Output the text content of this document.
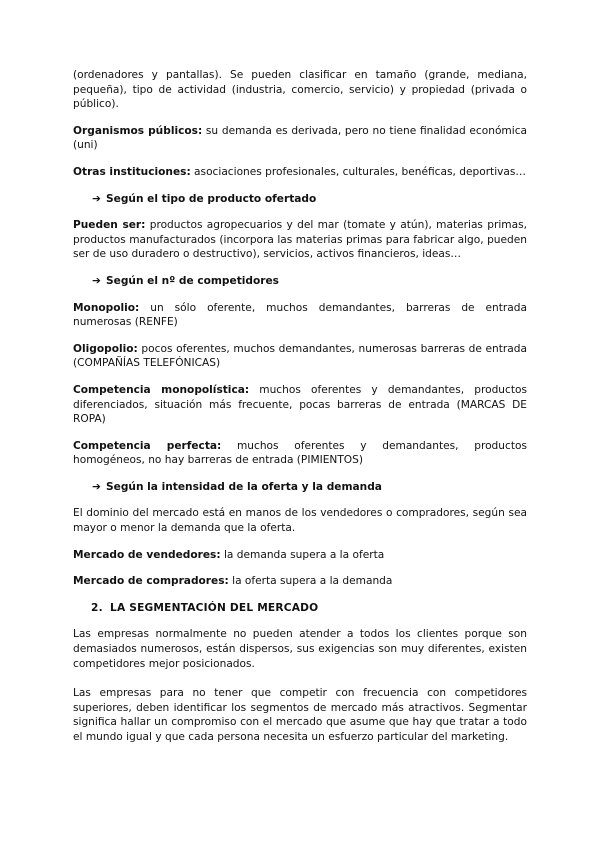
(ordenadores y pantallas). Se pueden clasificar en tamaño (grande, mediana, pequeña), tipo de actividad (industria, comercio, servicio) y propiedad (privada o público).

Organismos públicos: su demanda es derivada, pero no tiene finalidad económica (uni)

Otras instituciones: asociaciones profesionales, culturales, benéficas, deportivas…

➔ Según el tipo de producto ofertado

Pueden ser: productos agropecuarios y del mar (tomate y atún), materias primas, productos manufacturados (incorpora las materias primas para fabricar algo, pueden ser de uso duradero o destructivo), servicios, activos financieros, ideas…

➔ Según el nº de competidores

Monopolio: un sólo oferente, muchos demandantes, barreras de entrada numerosas (RENFE)

Oligopolio: pocos oferentes, muchos demandantes, numerosas barreras de entrada (COMPAÑÍAS TELEFÓNICAS)

Competencia monopolística: muchos oferentes y demandantes, productos diferenciados, situación más frecuente, pocas barreras de entrada (MARCAS DE ROPA)

Competencia perfecta: muchos oferentes y demandantes, productos homogéneos, no hay barreras de entrada (PIMIENTOS)

➔ Según la intensidad de la oferta y la demanda

El dominio del mercado está en manos de los vendedores o compradores, según sea mayor o menor la demanda que la oferta.

Mercado de vendedores: la demanda supera a la oferta

Mercado de compradores: la oferta supera a la demanda

2. LA SEGMENTACIÓN DEL MERCADO

Las empresas normalmente no pueden atender a todos los clientes porque son demasiados numerosos, están dispersos, sus exigencias son muy diferentes, existen competidores mejor posicionados.

Las empresas para no tener que competir con frecuencia con competidores superiores, deben identificar los segmentos de mercado más atractivos. Segmentar significa hallar un compromiso con el mercado que asume que hay que tratar a todo el mundo igual y que cada persona necesita un esfuerzo particular del marketing.
